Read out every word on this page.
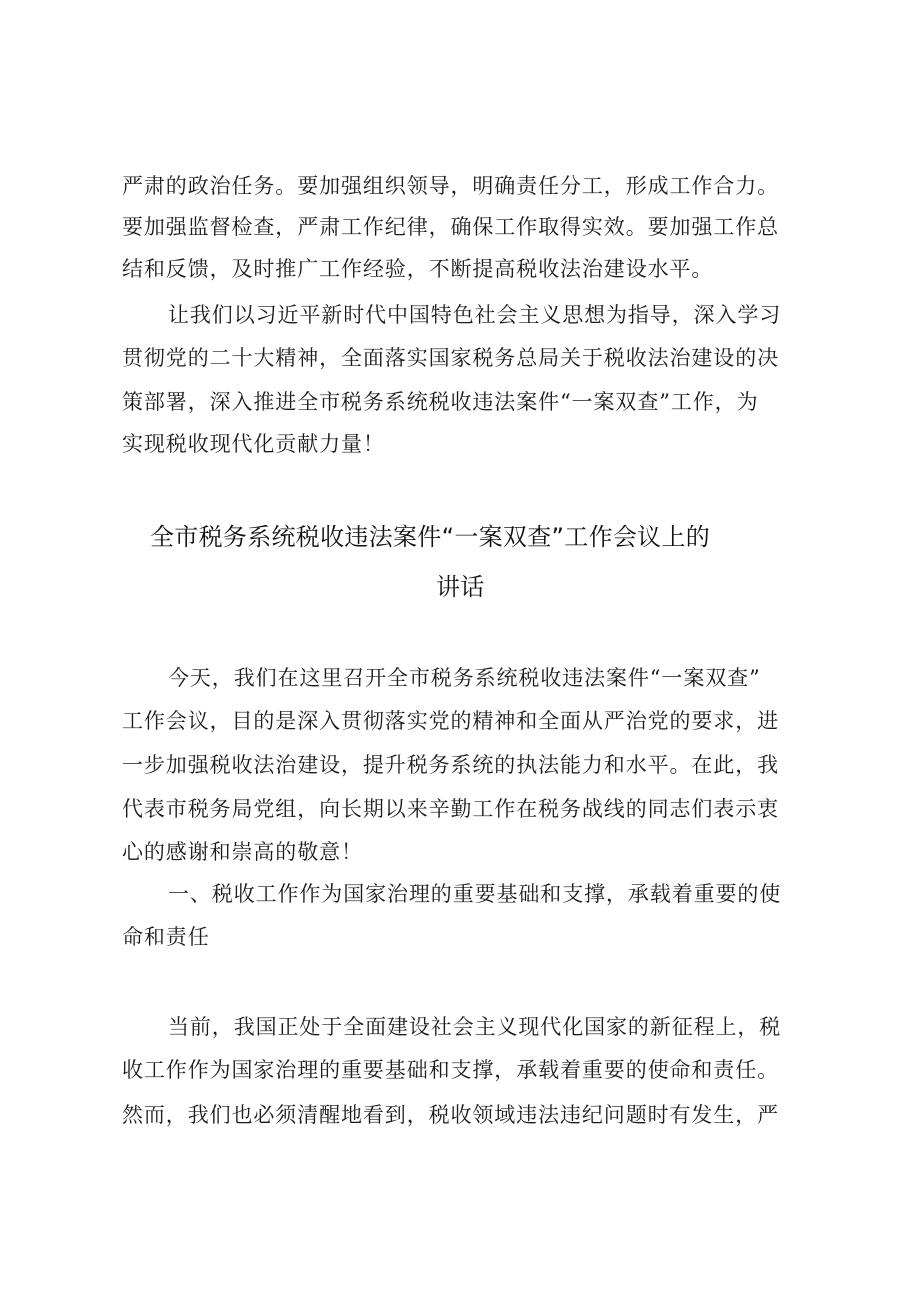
严肃的政治任务。要加强组织领导，明确责任分工，形成工作合力。
要加强监督检查，严肃工作纪律，确保工作取得实效。要加强工作总
结和反馈，及时推广工作经验，不断提高税收法治建设水平。
让我们以习近平新时代中国特色社会主义思想为指导，深入学习
贯彻党的二十大精神，全面落实国家税务总局关于税收法治建设的决
策部署，深入推进全市税务系统税收违法案件“一案双查”工作，为
实现税收现代化贡献力量！
全市税务系统税收违法案件“一案双查”工作会议上的
讲话
今天，我们在这里召开全市税务系统税收违法案件“一案双查”
工作会议，目的是深入贯彻落实党的精神和全面从严治党的要求，进
一步加强税收法治建设，提升税务系统的执法能力和水平。在此，我
代表市税务局党组，向长期以来辛勤工作在税务战线的同志们表示衷
心的感谢和崇高的敬意！
一、税收工作作为国家治理的重要基础和支撑，承载着重要的使
命和责任
当前，我国正处于全面建设社会主义现代化国家的新征程上，税
收工作作为国家治理的重要基础和支撑，承载着重要的使命和责任。
然而，我们也必须清醒地看到，税收领域违法违纪问题时有发生，严
